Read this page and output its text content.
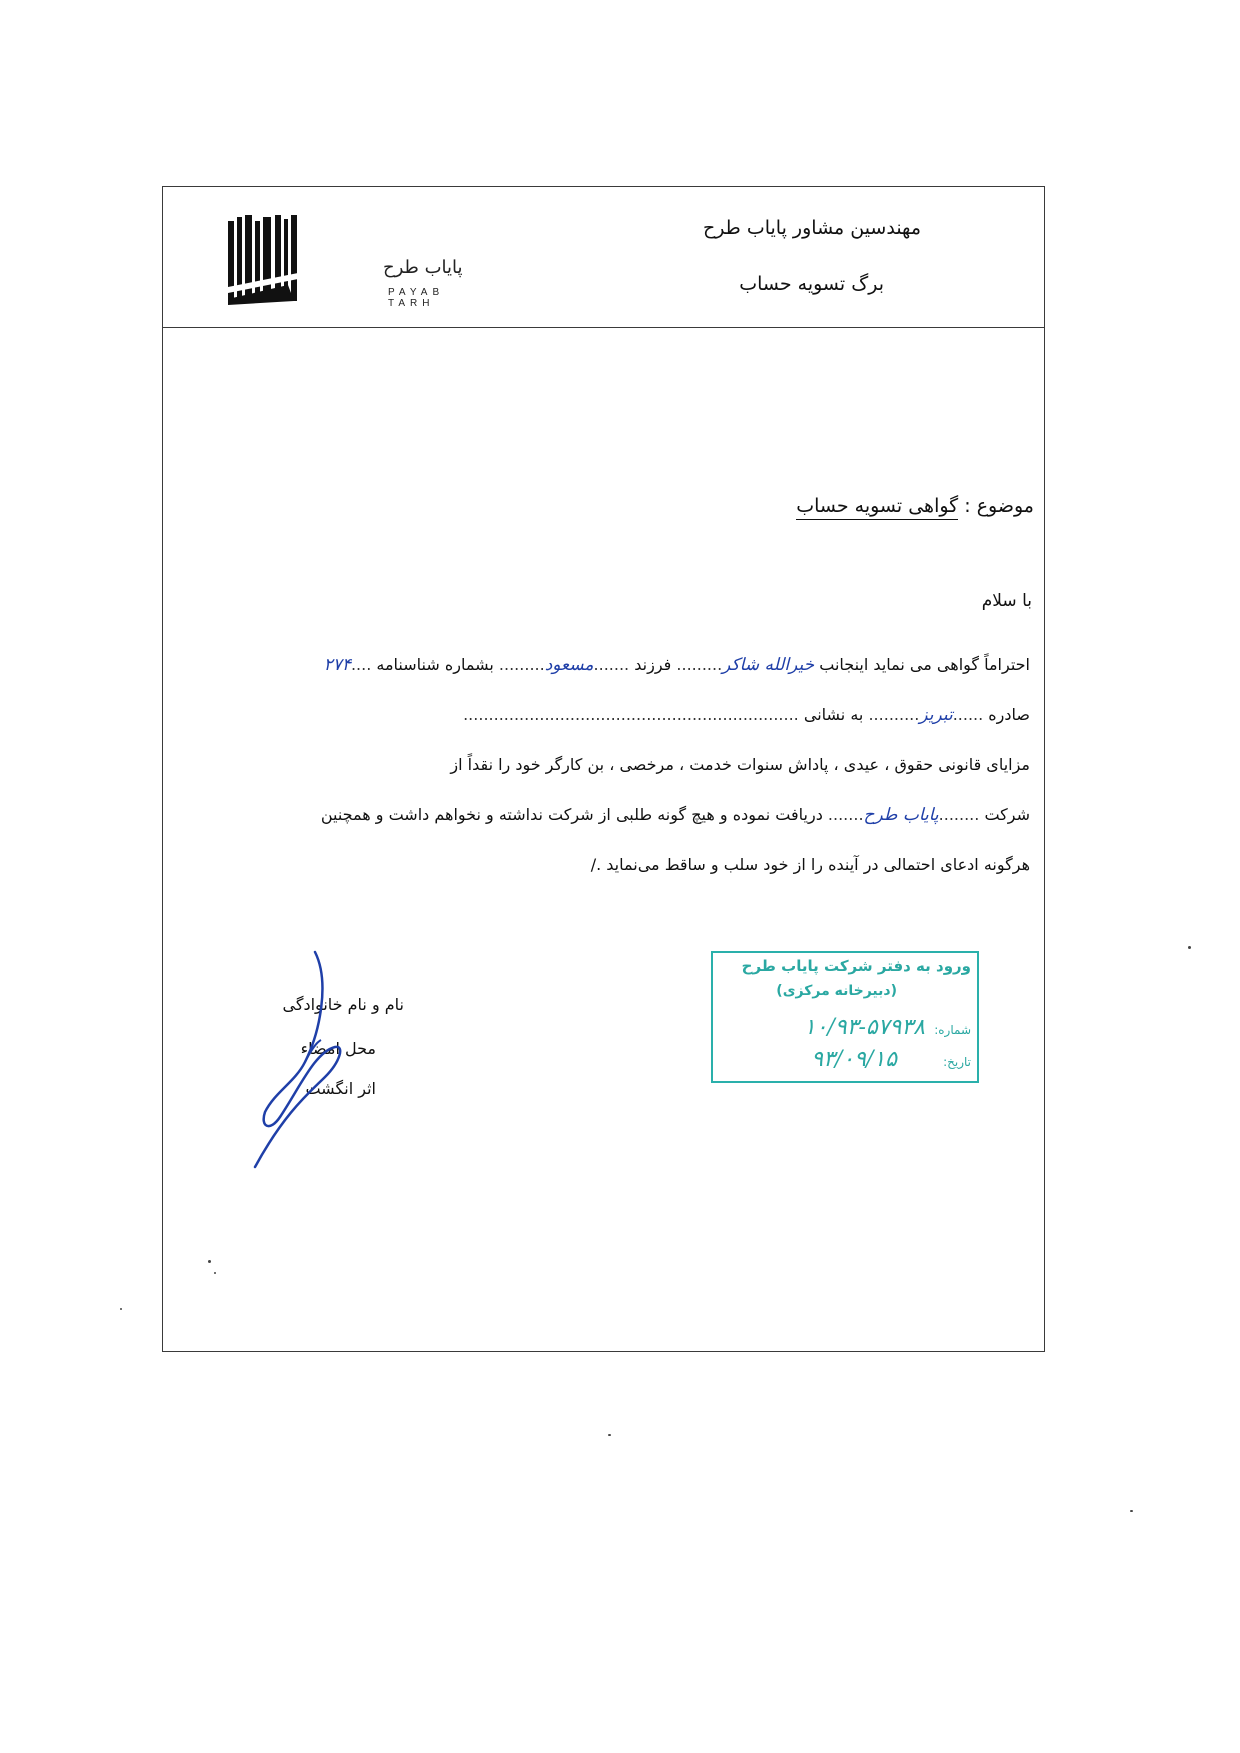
پایاب طرح
PAYAB TARH
مهندسین مشاور پایاب طرح
برگ تسویه حساب
موضوع : گواهی تسویه حساب
با سلام
احتراماً گواهی می نماید اینجانب خیرالله شاکر......... فرزند .......مسعود......... بشماره شناسنامه ....۲۷۴
صادره ......تبریز.......... به نشانی ..................................................................
مزایای قانونی حقوق ، عیدی ، پاداش سنوات خدمت ، مرخصی ، بن کارگر خود را نقداً از
شرکت ........پایاب طرح....... دریافت نموده و هیچ گونه طلبی از شرکت نداشته و نخواهم داشت و همچنین
هرگونه ادعای احتمالی در آینده را از خود سلب و ساقط می‌نماید ./
نام و نام خانوادگی
محل امضاء
اثر انگشت
ورود به دفتر شرکت پایاب طرح
(دبیرخانه مرکزی)
شماره:
۱۰/۹۳-۵۷۹۳۸
تاریخ:
۹۳/۰۹/۱۵
